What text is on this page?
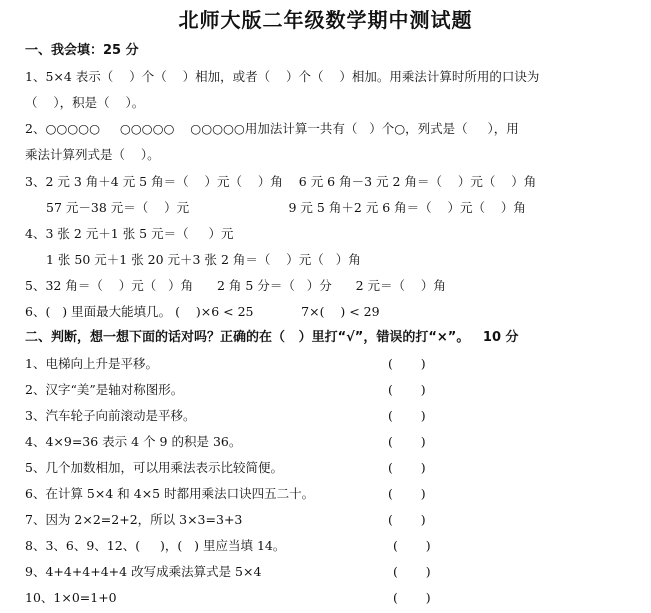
北师大版二年级数学期中测试题
一、我会填：25 分
1、5×4 表示（    ）个（    ）相加，或者（    ）个（    ）相加。用乘法计算时所用的口诀为
（    ），积是（    ）。
2、○○○○○     ○○○○○    ○○○○○用加法计算一共有（   ）个○，列式是（     ），用
乘法计算列式是（    ）。
3、2 元 3 角＋4 元 5 角＝（    ）元（    ）角    6 元 6 角－3 元 2 角＝（    ）元（    ）角
57 元－38 元＝（    ）元                         9 元 5 角＋2 元 6 角＝（    ）元（    ）角
4、3 张 2 元＋1 张 5 元＝（     ）元
1 张 50 元＋1 张 20 元＋3 张 2 角＝（    ）元（   ）角
5、32 角＝（    ）元（   ）角      2 角 5 分＝（   ）分      2 元＝（    ）角
6、(   ) 里面最大能填几。 (    )×6 < 25            7×(    ) < 29
二、判断，想一想下面的话对吗？正确的在（   ）里打“√”，错误的打“×”。   10 分
1、电梯向上升是平移。	(       )
2、汉字“美”是轴对称图形。	(       )
3、汽车轮子向前滚动是平移。	(       )
4、4×9=36 表示 4 个 9 的积是 36。	(       )
5、几个加数相加，可以用乘法表示比较简便。	(       )
6、在计算 5×4 和 4×5 时都用乘法口诀四五二十。	(       )
7、因为 2×2=2+2，所以 3×3=3+3	(       )
8、3、6、9、12、(     )，(   ) 里应当填 14。	(       )
9、4+4+4+4+4 改写成乘法算式是 5×4	(       )
10、1×0=1+0	(       )
